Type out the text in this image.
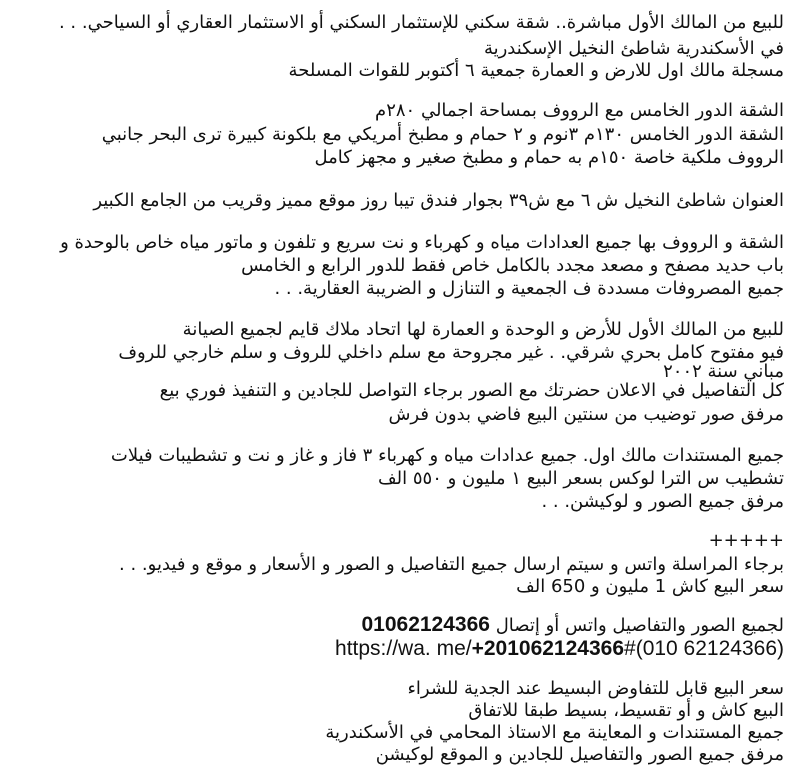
للبيع من المالك الأول مباشرة.. شقة سكني للإستثمار السكني أو الاستثمار العقاري أو السياحي. . .
في الأسكندرية شاطئ النخيل الإسكندرية
مسجلة مالك اول للارض و العمارة جمعية ٦ أكتوبر للقوات المسلحة
الشقة الدور الخامس مع الرووف بمساحة اجمالي ٢٨٠م
الشقة الدور الخامس ١٣٠م ٣نوم و ٢ حمام و مطبخ أمريكي مع بلكونة كبيرة ترى البحر جانبي
الرووف ملكية خاصة ١٥٠م به حمام و مطبخ صغير و مجهز كامل
العنوان شاطئ النخيل ش ٦ مع ش٣٩ بجوار فندق تيبا روز موقع مميز وقريب من الجامع الكبير
الشقة و الرووف بها جميع العدادات مياه و كهرباء و نت سريع و تلفون و ماتور مياه خاص بالوحدة و
باب حديد مصفح و مصعد مجدد بالكامل خاص فقط للدور الرابع و الخامس
جميع المصروفات مسددة ف الجمعية و التنازل و الضريبة العقارية. . .
للبيع من المالك الأول للأرض و الوحدة و العمارة لها اتحاد ملاك قايم لجميع الصيانة
فيو مفتوح كامل بحري شرقي. . غير مجروحة مع سلم داخلي للروف و سلم خارجي للروف
مباني سنة ٢٠٠٢
كل التفاصيل في الاعلان حضرتك مع الصور برجاء التواصل للجادين و التنفيذ فوري بيع
مرفق صور توضيب من سنتين البيع فاضي بدون فرش
جميع المستندات مالك اول. جميع عدادات مياه و كهرباء ٣ فاز و غاز و نت و تشطيبات فيلات
تشطيب س الترا لوكس بسعر البيع ١ مليون و ٥٥٠ الف
مرفق جميع الصور و لوكيشن. . .
+++++
برجاء المراسلة واتس و سيتم ارسال جميع التفاصيل و الصور و الأسعار و موقع و فيديو. . .
سعر البيع كاش 1 مليون و 650 الف
لجميع الصور والتفاصيل واتس أو إتصال 01062124366
https://wa. me/+201062124366#(010 62124366)
سعر البيع قابل للتفاوض البسيط عند الجدية للشراء
البيع كاش و أو تقسيط، بسيط طبقا للاتفاق
جميع المستندات و المعاينة مع الاستاذ المحامي في الأسكندرية
مرفق جميع الصور والتفاصيل للجادين و الموقع لوكيشن
